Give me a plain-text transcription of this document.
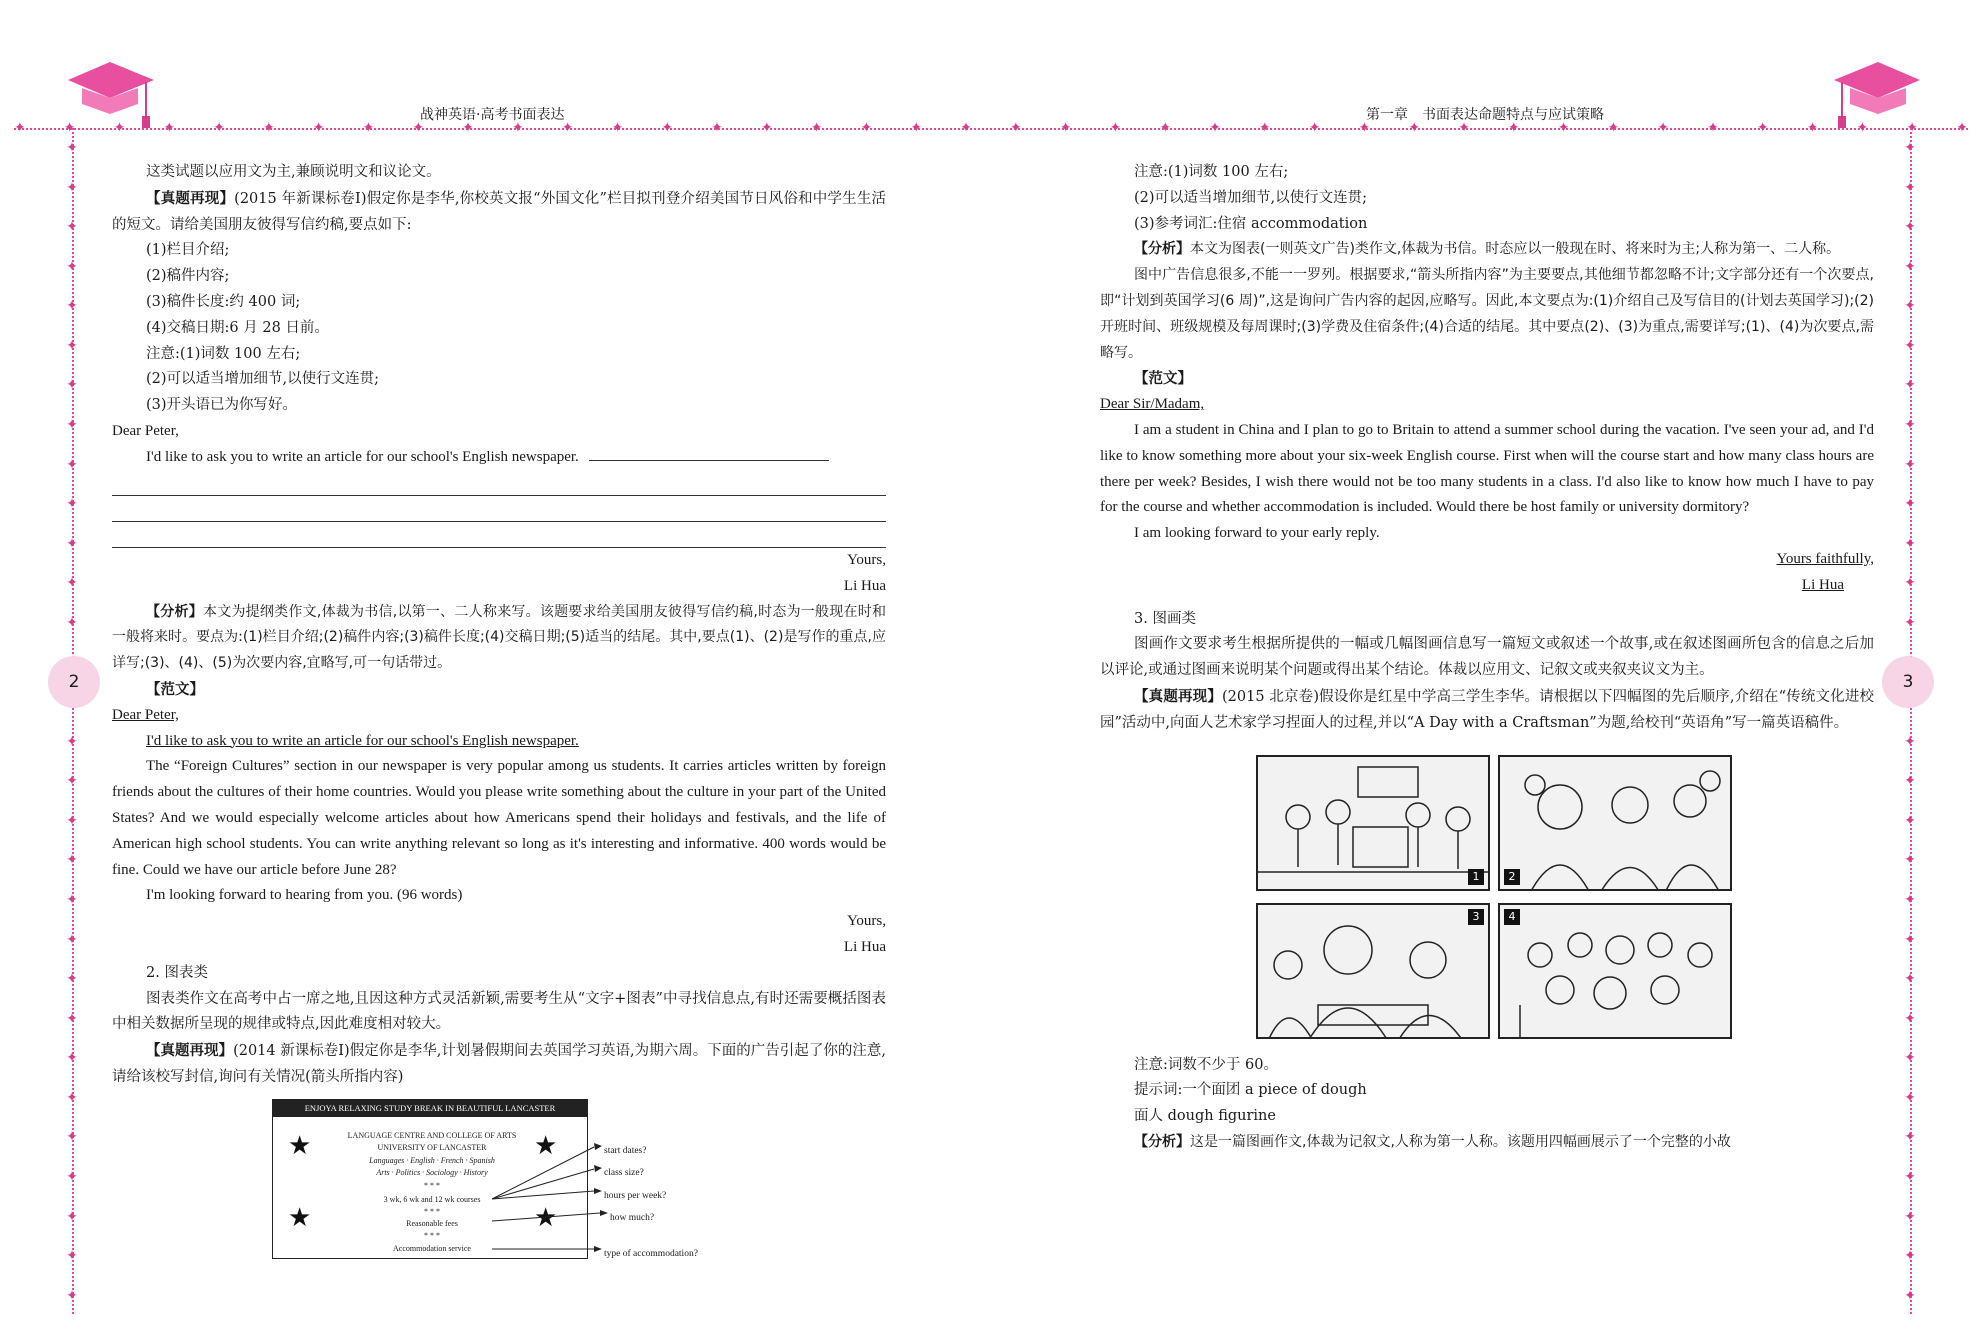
✦	✦	✦	✦	✦	✦	✦	✦	✦	✦	✦	✦	✦	✦	✦	✦	✦	✦	✦	✦	✦	✦	✦	✦	✦	✦	✦	✦	✦	✦	✦	✦	✦	✦	✦	✦	✦	✦	✦	✦
✦
✦
✦
✦
✦
✦
✦
✦
✦
✦
✦
✦
✦
✦
✦
✦
✦
✦
✦
✦
✦
✦
✦
✦
✦
✦
✦
✦
✦
✦
✦
✦
✦
✦
✦
✦
✦
✦
✦
✦
✦
✦
✦
✦
✦
✦
✦
✦
✦
✦
✦
✦
✦
✦
✦
✦
战神英语·高考书面表达	第一章　书面表达命题特点与应试策略
2	3

这类试题以应用文为主,兼顾说明文和议论文。

【真题再现】(2015 年新课标卷Ⅰ)假定你是李华,你校英文报“外国文化”栏目拟刊登介绍美国节日风俗和中学生生活的短文。请给美国朋友彼得写信约稿,要点如下:

(1)栏目介绍;

(2)稿件内容;

(3)稿件长度:约 400 词;

(4)交稿日期:6 月 28 日前。

注意:(1)词数 100 左右;

(2)可以适当增加细节,以使行文连贯;

(3)开头语已为你写好。

Dear Peter,

I'd like to ask you to write an article for our school's English newspaper.

Yours,

Li Hua

【分析】本文为提纲类作文,体裁为书信,以第一、二人称来写。该题要求给美国朋友彼得写信约稿,时态为一般现在时和一般将来时。要点为:(1)栏目介绍;(2)稿件内容;(3)稿件长度;(4)交稿日期;(5)适当的结尾。其中,要点(1)、(2)是写作的重点,应详写;(3)、(4)、(5)为次要内容,宜略写,可一句话带过。

【范文】

Dear Peter,

I'd like to ask you to write an article for our school's English newspaper.

The “Foreign Cultures” section in our newspaper is very popular among us students. It carries articles written by foreign friends about the cultures of their home countries. Would you please write something about the culture in your part of the United States? And we would especially welcome articles about how Americans spend their holidays and festivals, and the life of American high school students. You can write anything relevant so long as it's interesting and informative. 400 words would be fine. Could we have our article before June 28?

I'm looking forward to hearing from you. (96 words)

Yours,

Li Hua

2. 图表类

图表类作文在高考中占一席之地,且因这种方式灵活新颖,需要考生从“文字+图表”中寻找信息点,有时还需要概括图表中相关数据所呈现的规律或特点,因此难度相对较大。

【真题再现】(2014 新课标卷Ⅰ)假定你是李华,计划暑假期间去英国学习英语,为期六周。下面的广告引起了你的注意,请给该校写封信,询问有关情况(箭头所指内容)

ENJOYA RELAXING STUDY BREAK IN BEAUTIFUL LANCASTER
LANGUAGE CENTRE AND COLLEGE OF ARTS
UNIVERSITY OF LANCASTER
Languages · English · French · Spanish
Arts · Politics · Sociology · History
* * *
3 wk, 6 wk and 12 wk courses
* * *
Reasonable fees
* * *
Accommodation service
★	★
★	★
start dates?
class size?
hours per week?
how much?
type of accommodation?

注意:(1)词数 100 左右;

(2)可以适当增加细节,以使行文连贯;

(3)参考词汇:住宿 accommodation

【分析】本文为图表(一则英文广告)类作文,体裁为书信。时态应以一般现在时、将来时为主;人称为第一、二人称。

图中广告信息很多,不能一一罗列。根据要求,“箭头所指内容”为主要要点,其他细节都忽略不计;文字部分还有一个次要点,即“计划到英国学习(6 周)”,这是询问广告内容的起因,应略写。因此,本文要点为:(1)介绍自己及写信目的(计划去英国学习);(2)开班时间、班级规模及每周课时;(3)学费及住宿条件;(4)合适的结尾。其中要点(2)、(3)为重点,需要详写;(1)、(4)为次要点,需略写。

【范文】

Dear Sir/Madam,

I am a student in China and I plan to go to Britain to attend a summer school during the vacation. I've seen your ad, and I'd like to know something more about your six-week English course. First when will the course start and how many class hours are there per week? Besides, I wish there would not be too many students in a class. I'd also like to know how much I have to pay for the course and whether accommodation is included. Would there be host family or university dormitory?

I am looking forward to your early reply.

Yours faithfully,

Li Hua

3. 图画类

图画作文要求考生根据所提供的一幅或几幅图画信息写一篇短文或叙述一个故事,或在叙述图画所包含的信息之后加以评论,或通过图画来说明某个问题或得出某个结论。体裁以应用文、记叙文或夹叙夹议文为主。

【真题再现】(2015 北京卷)假设你是红星中学高三学生李华。请根据以下四幅图的先后顺序,介绍在“传统文化进校园”活动中,向面人艺术家学习捏面人的过程,并以“A Day with a Craftsman”为题,给校刊“英语角”写一篇英语稿件。

1	2
3	4

注意:词数不少于 60。

提示词:一个面团 a piece of dough

面人 dough figurine

【分析】这是一篇图画作文,体裁为记叙文,人称为第一人称。该题用四幅画展示了一个完整的小故
